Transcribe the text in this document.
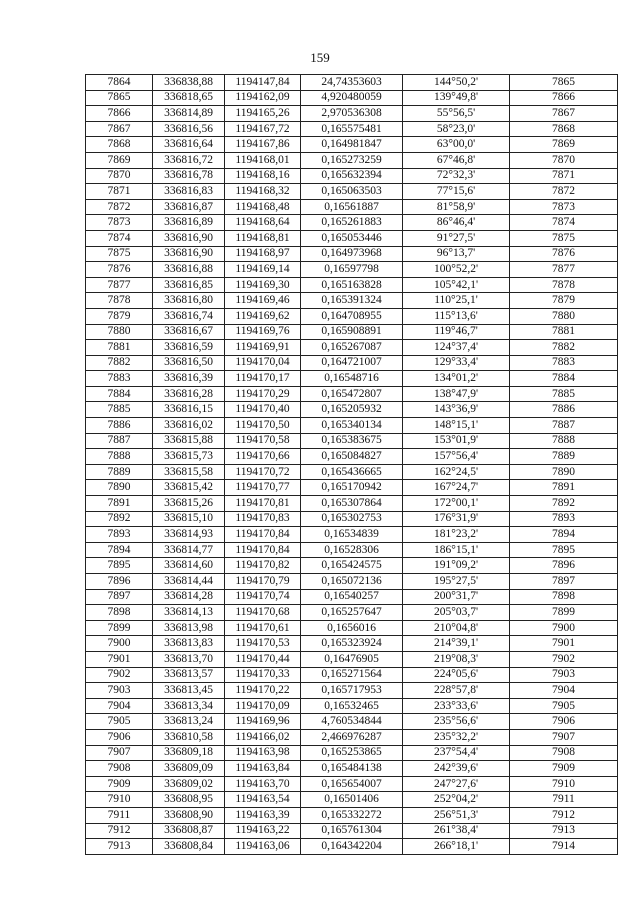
159
7864	336838,88	1194147,84	24,74353603	144°50,2'	7865
7865	336818,65	1194162,09	4,920480059	139°49,8'	7866
7866	336814,89	1194165,26	2,970536308	55°56,5'	7867
7867	336816,56	1194167,72	0,165575481	58°23,0'	7868
7868	336816,64	1194167,86	0,164981847	63°00,0'	7869
7869	336816,72	1194168,01	0,165273259	67°46,8'	7870
7870	336816,78	1194168,16	0,165632394	72°32,3'	7871
7871	336816,83	1194168,32	0,165063503	77°15,6'	7872
7872	336816,87	1194168,48	0,16561887	81°58,9'	7873
7873	336816,89	1194168,64	0,165261883	86°46,4'	7874
7874	336816,90	1194168,81	0,165053446	91°27,5'	7875
7875	336816,90	1194168,97	0,164973968	96°13,7'	7876
7876	336816,88	1194169,14	0,16597798	100°52,2'	7877
7877	336816,85	1194169,30	0,165163828	105°42,1'	7878
7878	336816,80	1194169,46	0,165391324	110°25,1'	7879
7879	336816,74	1194169,62	0,164708955	115°13,6'	7880
7880	336816,67	1194169,76	0,165908891	119°46,7'	7881
7881	336816,59	1194169,91	0,165267087	124°37,4'	7882
7882	336816,50	1194170,04	0,164721007	129°33,4'	7883
7883	336816,39	1194170,17	0,16548716	134°01,2'	7884
7884	336816,28	1194170,29	0,165472807	138°47,9'	7885
7885	336816,15	1194170,40	0,165205932	143°36,9'	7886
7886	336816,02	1194170,50	0,165340134	148°15,1'	7887
7887	336815,88	1194170,58	0,165383675	153°01,9'	7888
7888	336815,73	1194170,66	0,165084827	157°56,4'	7889
7889	336815,58	1194170,72	0,165436665	162°24,5'	7890
7890	336815,42	1194170,77	0,165170942	167°24,7'	7891
7891	336815,26	1194170,81	0,165307864	172°00,1'	7892
7892	336815,10	1194170,83	0,165302753	176°31,9'	7893
7893	336814,93	1194170,84	0,16534839	181°23,2'	7894
7894	336814,77	1194170,84	0,16528306	186°15,1'	7895
7895	336814,60	1194170,82	0,165424575	191°09,2'	7896
7896	336814,44	1194170,79	0,165072136	195°27,5'	7897
7897	336814,28	1194170,74	0,16540257	200°31,7'	7898
7898	336814,13	1194170,68	0,165257647	205°03,7'	7899
7899	336813,98	1194170,61	0,1656016	210°04,8'	7900
7900	336813,83	1194170,53	0,165323924	214°39,1'	7901
7901	336813,70	1194170,44	0,16476905	219°08,3'	7902
7902	336813,57	1194170,33	0,165271564	224°05,6'	7903
7903	336813,45	1194170,22	0,165717953	228°57,8'	7904
7904	336813,34	1194170,09	0,16532465	233°33,6'	7905
7905	336813,24	1194169,96	4,760534844	235°56,6'	7906
7906	336810,58	1194166,02	2,466976287	235°32,2'	7907
7907	336809,18	1194163,98	0,165253865	237°54,4'	7908
7908	336809,09	1194163,84	0,165484138	242°39,6'	7909
7909	336809,02	1194163,70	0,165654007	247°27,6'	7910
7910	336808,95	1194163,54	0,16501406	252°04,2'	7911
7911	336808,90	1194163,39	0,165332272	256°51,3'	7912
7912	336808,87	1194163,22	0,165761304	261°38,4'	7913
7913	336808,84	1194163,06	0,164342204	266°18,1'	7914
